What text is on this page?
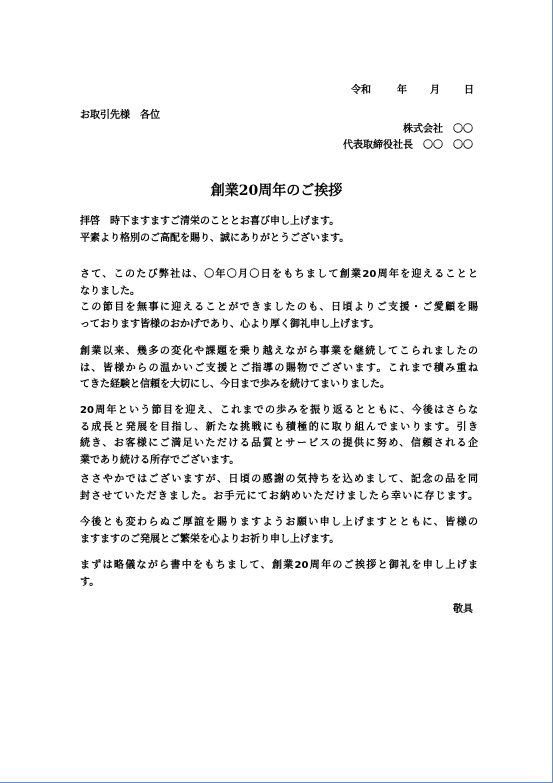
令和	年 月 日
お取引先様　各位
株式会社　〇〇
代表取締役社長　〇〇　〇〇
創業20周年のご挨拶
拝啓　時下ますますご清栄のこととお喜び申し上げます。
平素より格別のご高配を賜り、誠にありがとうございます。
さて、このたび弊社は、〇年〇月〇日をもちまして創業20周年を迎えることと
なりました。
この節目を無事に迎えることができましたのも、日頃よりご支援・ご愛顧を賜
っております皆様のおかげであり、心より厚く御礼申し上げます。
創業以来、幾多の変化や課題を乗り越えながら事業を継続してこられましたの
は、皆様からの温かいご支援とご指導の賜物でございます。これまで積み重ね
てきた経験と信頼を大切にし、今日まで歩みを続けてまいりました。
20周年という節目を迎え、これまでの歩みを振り返るとともに、今後はさらな
る成長と発展を目指し、新たな挑戦にも積極的に取り組んでまいります。引き
続き、お客様にご満足いただける品質とサービスの提供に努め、信頼される企
業であり続ける所存でございます。
ささやかではございますが、日頃の感謝の気持ちを込めまして、記念の品を同
封させていただきました。お手元にてお納めいただけましたら幸いに存じます。
今後とも変わらぬご厚誼を賜りますようお願い申し上げますとともに、皆様の
ますますのご発展とご繁栄を心よりお祈り申し上げます。
まずは略儀ながら書中をもちまして、創業20周年のご挨拶と御礼を申し上げま
す。
敬具
